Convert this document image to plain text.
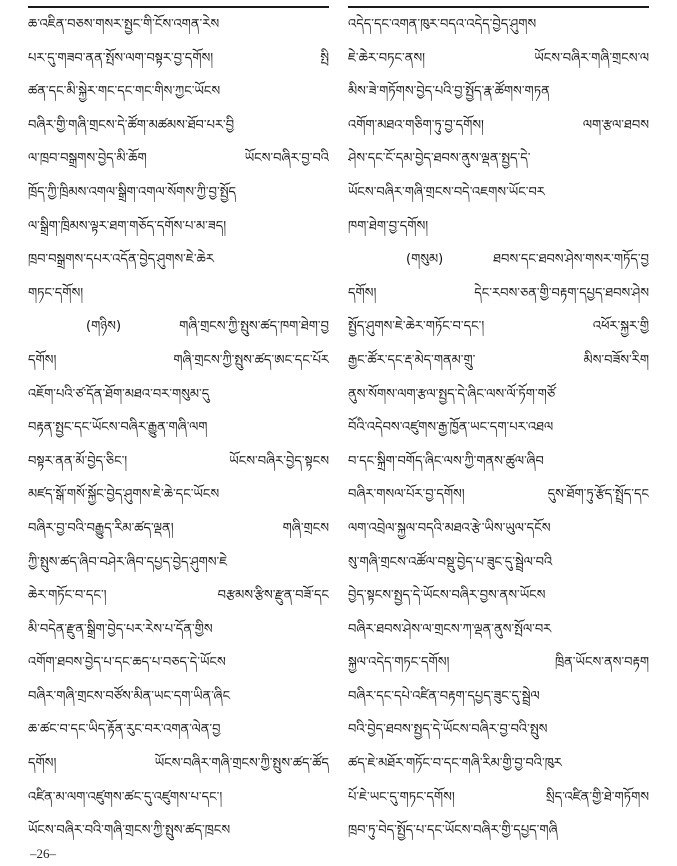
ཆ་འཇིན་བཅས་གསར་སྤྱང་གི་ངོས་འགན་རེས
པར་དུ་གཟབ་ནན་སྤོས་ལག་བསྟར་བྱ་དགོས། སྤི
ཚན་དང་མི་སྐྱེར་གང་དང་གང་གིས་ཀྱང་ཡོངས
བཞིར་གྱི་གཞི་གྲངས་དེ་ཚོག་མཚམས་ཐོབ་པར་བྱི
ལ་ཁྲབ་བསྒྲགས་བྱེད་མི་ཆོག ཡོངས་བཞིར་བྱ་བའི
ཁྲོད་ཀྱི་ཁྲིམས་འགལ་སྒྲིག་འགལ་སོགས་ཀྱི་བྱ་སྤྱོད
ལ་སྒྲིག་ཁྲིམས་ལྟར་ཐག་གཅོད་དགོས་པ་མ་ཟད།
ཁྲབ་བསྒྲགས་དཔར་འདོན་བྱེད་ཤུགས་ཇེ་ཆེར
གཏང་དགོས།
(གཉིས) གཞི་གྲངས་ཀྱི་སྤུས་ཚད་ཁག་ཐེག་བྱ
དགོས། གཞི་གྲངས་ཀྱི་སྤུས་ཚད་ཨང་དང་པོར
འཇོག་པའི་ཙ་དོན་ཐོག་མཐའ་བར་གསུམ་དུ
བརྟན་སྤྱང་དང་ཡོངས་བཞིར་རྒྱུན་གཞི་ལག
བསྟར་ནན་མོ་བྱེད་ཅིང་། ཡོངས་བཞིར་བྱེད་སྟངས
མཛད་སྒོ་གསོ་སྐྱོང་བྱེད་ཤུགས་ཇེ་ཆེ་དང་ཡོངས
བཞིར་བྱ་བའི་བརྒྱུད་རིམ་ཚད་ལྡན། གཞི་གྲངས
ཀྱི་སྤུས་ཚད་ཞིབ་བཤེར་ཞིབ་དཔྱད་བྱེད་ཤུགས་ཇེ
ཆེར་གཏོང་བ་དང་། བརྩམས་རྩིས་རྫུན་བཟོ་དང
མི་བདེན་རྫུན་སྒྲིག་བྱེད་པར་རེས་པ་དོན་གྱིས
འགོག་ཐབས་བྱེད་པ་དང་ཆད་པ་བཅད་དེ་ཡོངས
བཞིར་གཞི་གྲངས་བཙོས་མིན་ཡང་དག་ཡིན་ཞིང
ཆ་ཚང་བ་དང་ཡིད་རྟོན་རུང་བར་འགན་ལེན་བྱ
དགོས། ཡོངས་བཞིར་གཞི་གྲངས་ཀྱི་སྤུས་ཚད་ཚོད
འཛིན་མ་ལག་འཛུགས་ཚང་དུ་འཛུགས་པ་དང་།
ཡོངས་བཞིར་བའི་གཞི་གྲངས་ཀྱི་སྤུས་ཚད་ཁྲངས
འདེད་དང་འགན་ཁུར་བདའ་འདེད་བྱེད་ཤུགས
ཇེ་ཆེར་བཏང་ནས། ཡོངས་བཞིར་གཞི་གྲངས་ལ
མིས་ཟེ་གཏོགས་བྱེད་པའི་བྱ་སྤྱོད་རྣ་ཚོགས་གཏན
འགོག་མཐའ་གཅིག་ཏུ་བྱ་དགོས། ལག་རྩལ་ཐབས
ཤེས་དང་ངོ་དམ་བྱེད་ཐབས་ནུས་ལྡན་སྤྱད་དེ་
ཡོངས་བཞིར་གཞི་གྲངས་བདེ་འཇགས་ཡོང་བར
ཁག་ཐེག་བྱ་དགོས།
(གསུམ) ཐབས་དང་ཐབས་ཤེས་གསར་གཏོད་བྱ
དགོས། དེང་རབས་ཅན་གྱི་བརྟག་དཔྱད་ཐབས་ཤེས
སྤྱོད་ཤུགས་ཇེ་ཆེར་གཏོང་བ་དང་། འཕོར་སྐྱར་གྱི
རྒྱང་ཚོར་དང་རྡ་མེད་གནམ་གྲུ་ མིས་བཟོས་རིག
ནུས་སོགས་ལག་རྩལ་སྤྱད་དེ་ཞིང་ལས་ལོ་ཏོག་གཙོ
བོའི་འདེབས་འཛུགས་རྒྱ་ཁྱོན་ཡང་དག་པར་འཐལ
བ་དང་སྐྲིག་བགོད་ཞིང་ལས་ཀྱི་གནས་ཚུལ་ཞིབ
བཞིར་གསལ་པོར་བྱ་དགོས། དུས་ཐོག་ཏུ་རྩོད་སྤྲོད་དང
ལག་འབྲེལ་སྐྱལ་བདའི་མཐའ་རྩེ་ཡིས་ཡུལ་དངོས
སུ་གཞི་གྲངས་འཚོལ་བསྡུ་བྱེད་པ་ཟུང་དུ་སྦྲེལ་བའི
བྱེད་སྟངས་སྤྱད་དེ་ཡོངས་བཞིར་བྱས་ནས་ཡོངས
བཞིར་ཐབས་ཤེས་ལ་གྲངས་ཀ་ལྡན་ནུས་སྤོལ་བར
སྐྱལ་འདེད་གཏང་དགོས། ཁྲིན་ཡོངས་ནས་བརྟག
བཞིར་དང་དཔེ་འཛིན་བརྟག་དཔྱད་ཟུང་དུ་སྦྲེལ
བའི་བྱེད་ཐབས་སྤྱད་དེ་ཡོངས་བཞིར་བྱ་བའི་སྤུས
ཚད་ཇེ་མཐོར་གཏོང་བ་དང་གཞི་རིམ་གྱི་བྱ་བའི་ཁུར
པོ་ཇེ་ཡང་དུ་གཏང་དགོས། སྲིད་འཛིན་གྱི་ཐེ་གཏོགས
ཁྲབ་ཏུ་བེད་སྤྱོད་པ་དང་ཡོངས་བཞིར་གྱི་དཔྱད་གཞི
–26–
